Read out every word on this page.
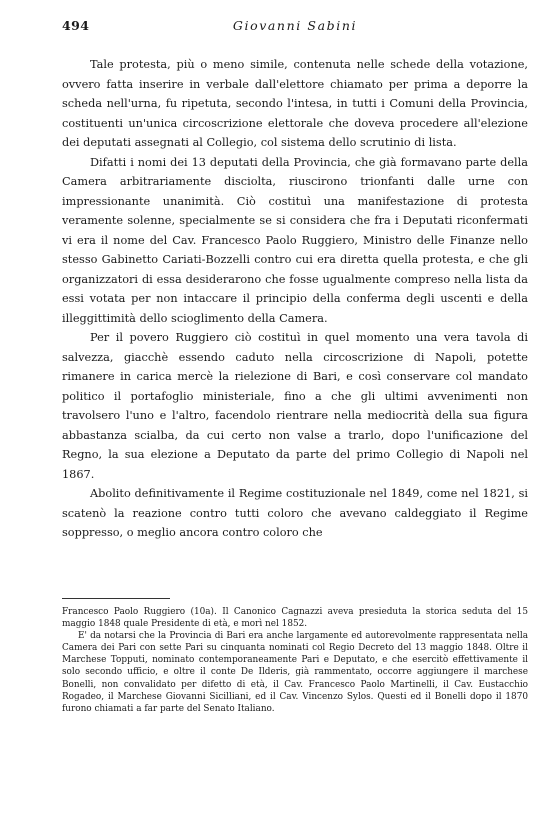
494	Giovanni Sabini

Tale protesta, più o meno simile, contenuta nelle schede della votazione, ovvero fatta inserire in verbale dall'elettore chiamato per prima a deporre la scheda nell'urna, fu ripetuta, secondo l'intesa, in tutti i Comuni della Provincia, costituenti un'unica circoscrizione elettorale che doveva procedere all'elezione dei deputati assegnati al Collegio, col sistema dello scrutinio di lista.

Difatti i nomi dei 13 deputati della Provincia, che già formavano parte della Camera arbitrariamente disciolta, riuscirono trionfanti dalle urne con impressionante unanimità. Ciò costituì una manifestazione di protesta veramente solenne, specialmente se si considera che fra i Deputati riconfermati vi era il nome del Cav. Francesco Paolo Ruggiero, Ministro delle Finanze nello stesso Gabinetto Cariati-Bozzelli contro cui era diretta quella protesta, e che gli organizzatori di essa desiderarono che fosse ugualmente compreso nella lista da essi votata per non intaccare il principio della conferma degli uscenti e della illeggittimità dello scioglimento della Camera.

Per il povero Ruggiero ciò costituì in quel momento una vera tavola di salvezza, giacchè essendo caduto nella circoscrizione di Napoli, potette rimanere in carica mercè la rielezione di Bari, e così conservare col mandato politico il portafoglio ministeriale, fino a che gli ultimi avvenimenti non travolsero l'uno e l'altro, facendolo rientrare nella mediocrità della sua figura abbastanza scialba, da cui certo non valse a trarlo, dopo l'unificazione del Regno, la sua elezione a Deputato da parte del primo Collegio di Napoli nel 1867.

Abolito definitivamente il Regime costituzionale nel 1849, come nel 1821, si scatenò la reazione contro tutti coloro che avevano caldeggiato il Regime soppresso, o meglio ancora contro coloro che

Francesco Paolo Ruggiero (10a). Il Canonico Cagnazzi aveva presieduta la storica seduta del 15 maggio 1848 quale Presidente di età, e morì nel 1852.

E' da notarsi che la Provincia di Bari era anche largamente ed autorevolmente rappresentata nella Camera dei Pari con sette Pari su cinquanta nominati col Regio Decreto del 13 maggio 1848. Oltre il Marchese Topputi, nominato contemporaneamente Pari e Deputato, e che esercitò effettivamente il solo secondo ufficio, e oltre il conte De Ilderis, già rammentato, occorre aggiungere il marchese Bonelli, non convalidato per difetto di età, il Cav. Francesco Paolo Martinelli, il Cav. Eustacchio Rogadeo, il Marchese Giovanni Sicilliani, ed il Cav. Vincenzo Sylos. Questi ed il Bonelli dopo il 1870 furono chiamati a far parte del Senato Italiano.
